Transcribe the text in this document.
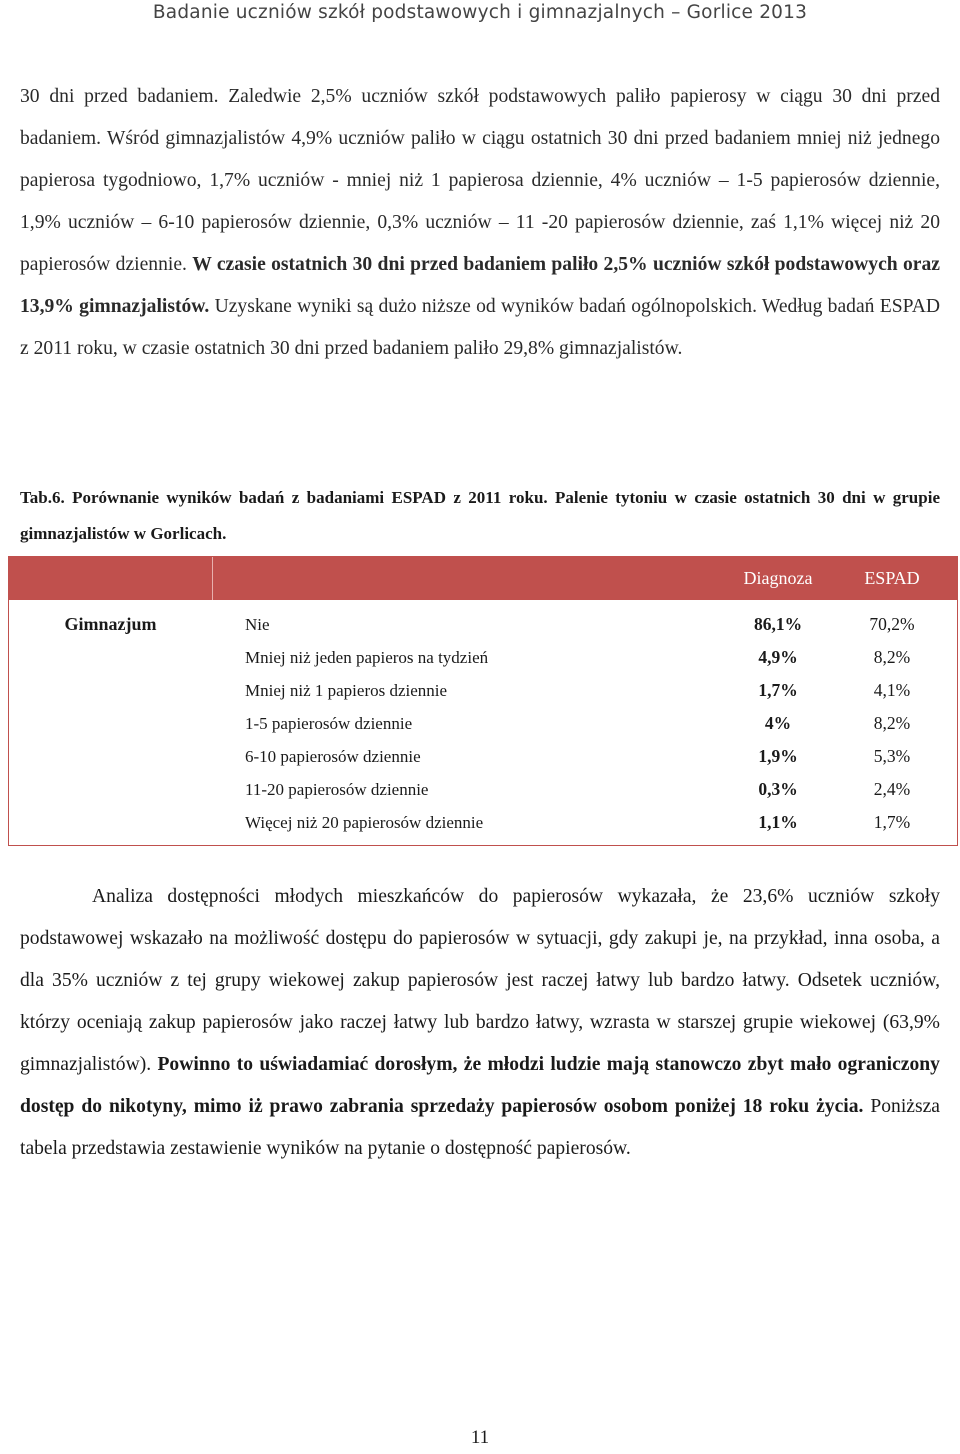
Badanie uczniów szkół podstawowych i gimnazjalnych – Gorlice 2013

30 dni przed badaniem. Zaledwie 2,5% uczniów szkół podstawowych paliło papierosy w ciągu 30 dni przed badaniem. Wśród gimnazjalistów 4,9% uczniów paliło w ciągu ostatnich 30 dni przed badaniem mniej niż jednego papierosa tygodniowo, 1,7% uczniów - mniej niż 1 papierosa dziennie, 4% uczniów – 1-5 papierosów dziennie, 1,9% uczniów – 6-10 papierosów dziennie, 0,3% uczniów – 11 -20 papierosów dziennie, zaś 1,1% więcej niż 20 papierosów dziennie. W czasie ostatnich 30 dni przed badaniem paliło 2,5% uczniów szkół podstawowych oraz 13,9% gimnazjalistów. Uzyskane wyniki są dużo niższe od wyników badań ogólnopolskich. Według badań ESPAD z 2011 roku, w czasie ostatnich 30 dni przed badaniem paliło 29,8% gimnazjalistów.

Tab.6. Porównanie wyników badań z badaniami ESPAD z 2011 roku. Palenie tytoniu w czasie ostatnich 30 dni w grupie gimnazjalistów w Gorlicach.

Diagnoza	ESPAD
Gimnazjum	Nie	86,1%	70,2%
Mniej niż jeden papieros na tydzień	4,9%	8,2%
Mniej niż 1 papieros dziennie	1,7%	4,1%
1-5 papierosów dziennie	4%	8,2%
6-10 papierosów dziennie	1,9%	5,3%
11-20 papierosów dziennie	0,3%	2,4%
Więcej niż 20 papierosów dziennie	1,1%	1,7%

Analiza dostępności młodych mieszkańców do papierosów wykazała, że 23,6% uczniów szkoły podstawowej wskazało na możliwość dostępu do papierosów w sytuacji, gdy zakupi je, na przykład, inna osoba, a dla 35% uczniów z tej grupy wiekowej zakup papierosów jest raczej łatwy lub bardzo łatwy. Odsetek uczniów, którzy oceniają zakup papierosów jako raczej łatwy lub bardzo łatwy, wzrasta w starszej grupie wiekowej (63,9% gimnazjalistów). Powinno to uświadamiać dorosłym, że młodzi ludzie mają stanowczo zbyt mało ograniczony dostęp do nikotyny, mimo iż prawo zabrania sprzedaży papierosów osobom poniżej 18 roku życia. Poniższa tabela przedstawia zestawienie wyników na pytanie o dostępność papierosów.

11
